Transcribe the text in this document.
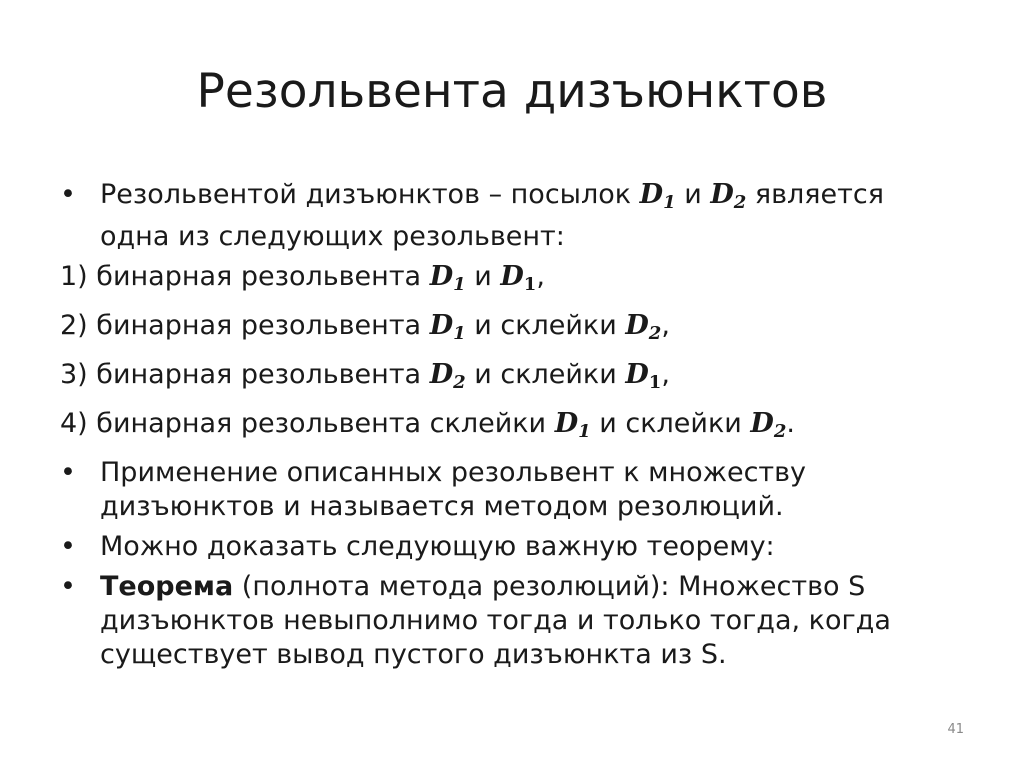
Резольвента дизъюнктов
• Резольвентой дизъюнктов – посылок D1 и D2 является
одна из следующих резольвент:
1) бинарная резольвента D1 и $D_1$,
2) бинарная резольвента D1 и склейки D2,
3) бинарная резольвента D2 и склейки $D_1$,
4) бинарная резольвента склейки D1 и склейки D2.
• Применение описанных резольвент к множеству
дизъюнктов и называется методом резолюций.
• Можно доказать следующую важную теорему:
• Теорема (полнота метода резолюций): Множество S
дизъюнктов невыполнимо тогда и только тогда, когда
существует вывод пустого дизъюнкта из S.
41
